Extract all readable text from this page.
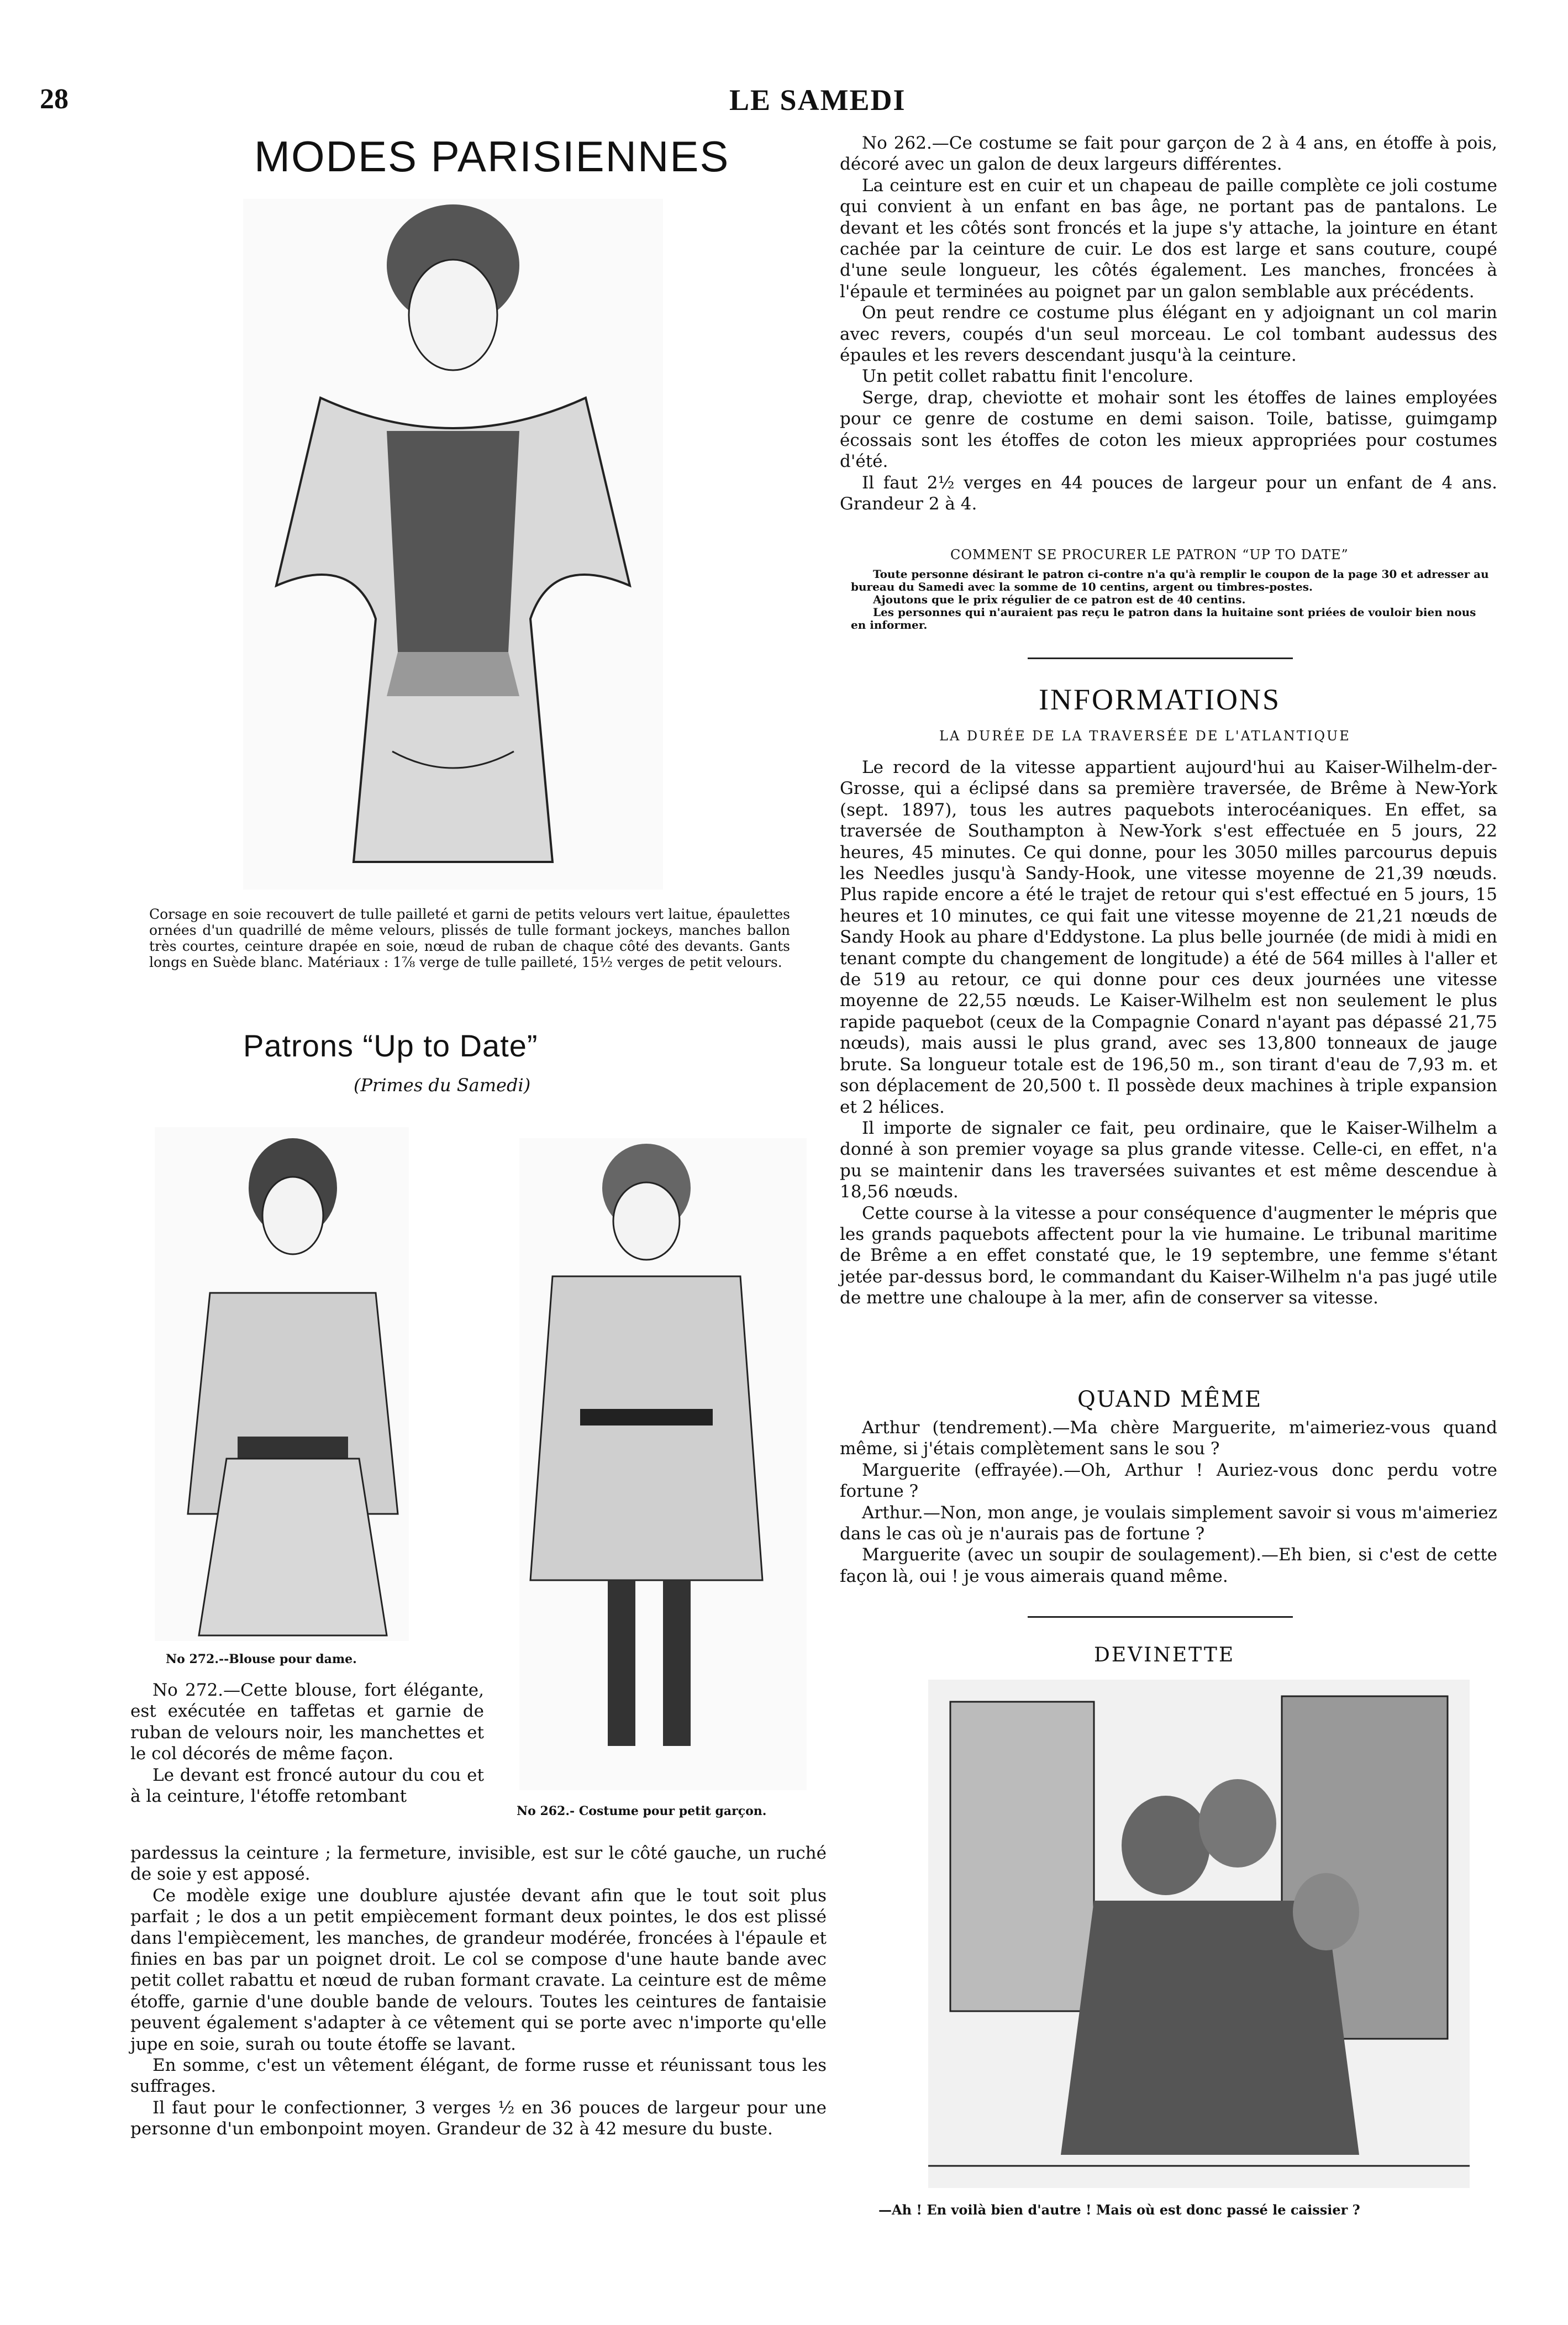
28	LE SAMEDI
MODES PARISIENNES
Corsage en soie recouvert de tulle pailleté et garni de petits velours vert laitue, épaulettes ornées d'un quadrillé de même velours, plissés de tulle formant jockeys, manches ballon très courtes, ceinture drapée en soie, nœud de ruban de chaque côté des devants. Gants longs en Suède blanc. Matériaux : 1⅞ verge de tulle pailleté, 15½ verges de petit velours.
Patrons “Up to Date”
(Primes du Samedi)
No 272.--Blouse pour dame.
No 262.- Costume pour petit garçon.

No 272.—Cette blouse, fort élégante, est exécutée en taffetas et garnie de ruban de velours noir, les manchettes et le col décorés de même façon.

Le devant est froncé autour du cou et à la ceinture, l'étoffe retombant

pardessus la ceinture ; la fermeture, invisible, est sur le côté gauche, un ruché de soie y est apposé.

Ce modèle exige une doublure ajustée devant afin que le tout soit plus parfait ; le dos a un petit empiècement formant deux pointes, le dos est plissé dans l'empiècement, les manches, de grandeur modérée, froncées à l'épaule et finies en bas par un poignet droit. Le col se compose d'une haute bande avec petit collet rabattu et nœud de ruban formant cravate. La ceinture est de même étoffe, garnie d'une double bande de velours. Toutes les ceintures de fantaisie peuvent également s'adapter à ce vêtement qui se porte avec n'importe qu'elle jupe en soie, surah ou toute étoffe se lavant.

En somme, c'est un vêtement élégant, de forme russe et réunissant tous les suffrages.

Il faut pour le confectionner, 3 verges ½ en 36 pouces de largeur pour une personne d'un embonpoint moyen. Grandeur de 32 à 42 mesure du buste.

No 262.—Ce costume se fait pour garçon de 2 à 4 ans, en étoffe à pois, décoré avec un galon de deux largeurs différentes.

La ceinture est en cuir et un chapeau de paille complète ce joli costume qui convient à un enfant en bas âge, ne portant pas de pantalons. Le devant et les côtés sont froncés et la jupe s'y attache, la jointure en étant cachée par la ceinture de cuir. Le dos est large et sans couture, coupé d'une seule longueur, les côtés également. Les manches, froncées à l'épaule et terminées au poignet par un galon semblable aux précédents.

On peut rendre ce costume plus élégant en y adjoignant un col marin avec revers, coupés d'un seul morceau. Le col tombant audessus des épaules et les revers descendant jusqu'à la ceinture.

Un petit collet rabattu finit l'encolure.

Serge, drap, cheviotte et mohair sont les étoffes de laines employées pour ce genre de costume en demi saison. Toile, batisse, guimgamp écossais sont les étoffes de coton les mieux appropriées pour costumes d'été.

Il faut 2½ verges en 44 pouces de largeur pour un enfant de 4 ans. Grandeur 2 à 4.

COMMENT SE PROCURER LE PATRON “UP TO DATE”
Toute personne désirant le patron ci-contre n'a qu'à remplir le coupon de la page 30 et adresser au bureau du Samedi avec la somme de 10 centins, argent ou timbres-postes.
Ajoutons que le prix régulier de ce patron est de 40 centins.
Les personnes qui n'auraient pas reçu le patron dans la huitaine sont priées de vouloir bien nous en informer.
INFORMATIONS
LA DURÉE DE LA TRAVERSÉE DE L'ATLANTIQUE

Le record de la vitesse appartient aujourd'hui au Kaiser-Wilhelm-der-Grosse, qui a éclipsé dans sa première traversée, de Brême à New-York (sept. 1897), tous les autres paquebots interocéaniques. En effet, sa traversée de Southampton à New-York s'est effectuée en 5 jours, 22 heures, 45 minutes. Ce qui donne, pour les 3050 milles parcourus depuis les Needles jusqu'à Sandy-Hook, une vitesse moyenne de 21,39 nœuds. Plus rapide encore a été le trajet de retour qui s'est effectué en 5 jours, 15 heures et 10 minutes, ce qui fait une vitesse moyenne de 21,21 nœuds de Sandy Hook au phare d'Eddystone. La plus belle journée (de midi à midi en tenant compte du changement de longitude) a été de 564 milles à l'aller et de 519 au retour, ce qui donne pour ces deux journées une vitesse moyenne de 22,55 nœuds. Le Kaiser-Wilhelm est non seulement le plus rapide paquebot (ceux de la Compagnie Conard n'ayant pas dépassé 21,75 nœuds), mais aussi le plus grand, avec ses 13,800 tonneaux de jauge brute. Sa longueur totale est de 196,50 m., son tirant d'eau de 7,93 m. et son déplacement de 20,500 t. Il possède deux machines à triple expansion et 2 hélices.

Il importe de signaler ce fait, peu ordinaire, que le Kaiser-Wilhelm a donné à son premier voyage sa plus grande vitesse. Celle-ci, en effet, n'a pu se maintenir dans les traversées suivantes et est même descendue à 18,56 nœuds.

Cette course à la vitesse a pour conséquence d'augmenter le mépris que les grands paquebots affectent pour la vie humaine. Le tribunal maritime de Brême a en effet constaté que, le 19 septembre, une femme s'étant jetée par-dessus bord, le commandant du Kaiser-Wilhelm n'a pas jugé utile de mettre une chaloupe à la mer, afin de conserver sa vitesse.

QUAND MÊME

Arthur (tendrement).—Ma chère Marguerite, m'aimeriez-vous quand même, si j'étais complètement sans le sou ?

Marguerite (effrayée).—Oh, Arthur ! Auriez-vous donc perdu votre fortune ?

Arthur.—Non, mon ange, je voulais simplement savoir si vous m'aimeriez dans le cas où je n'aurais pas de fortune ?

Marguerite (avec un soupir de soulagement).—Eh bien, si c'est de cette façon là, oui ! je vous aimerais quand même.

DEVINETTE
—Ah ! En voilà bien d'autre ! Mais où est donc passé le caissier ?
